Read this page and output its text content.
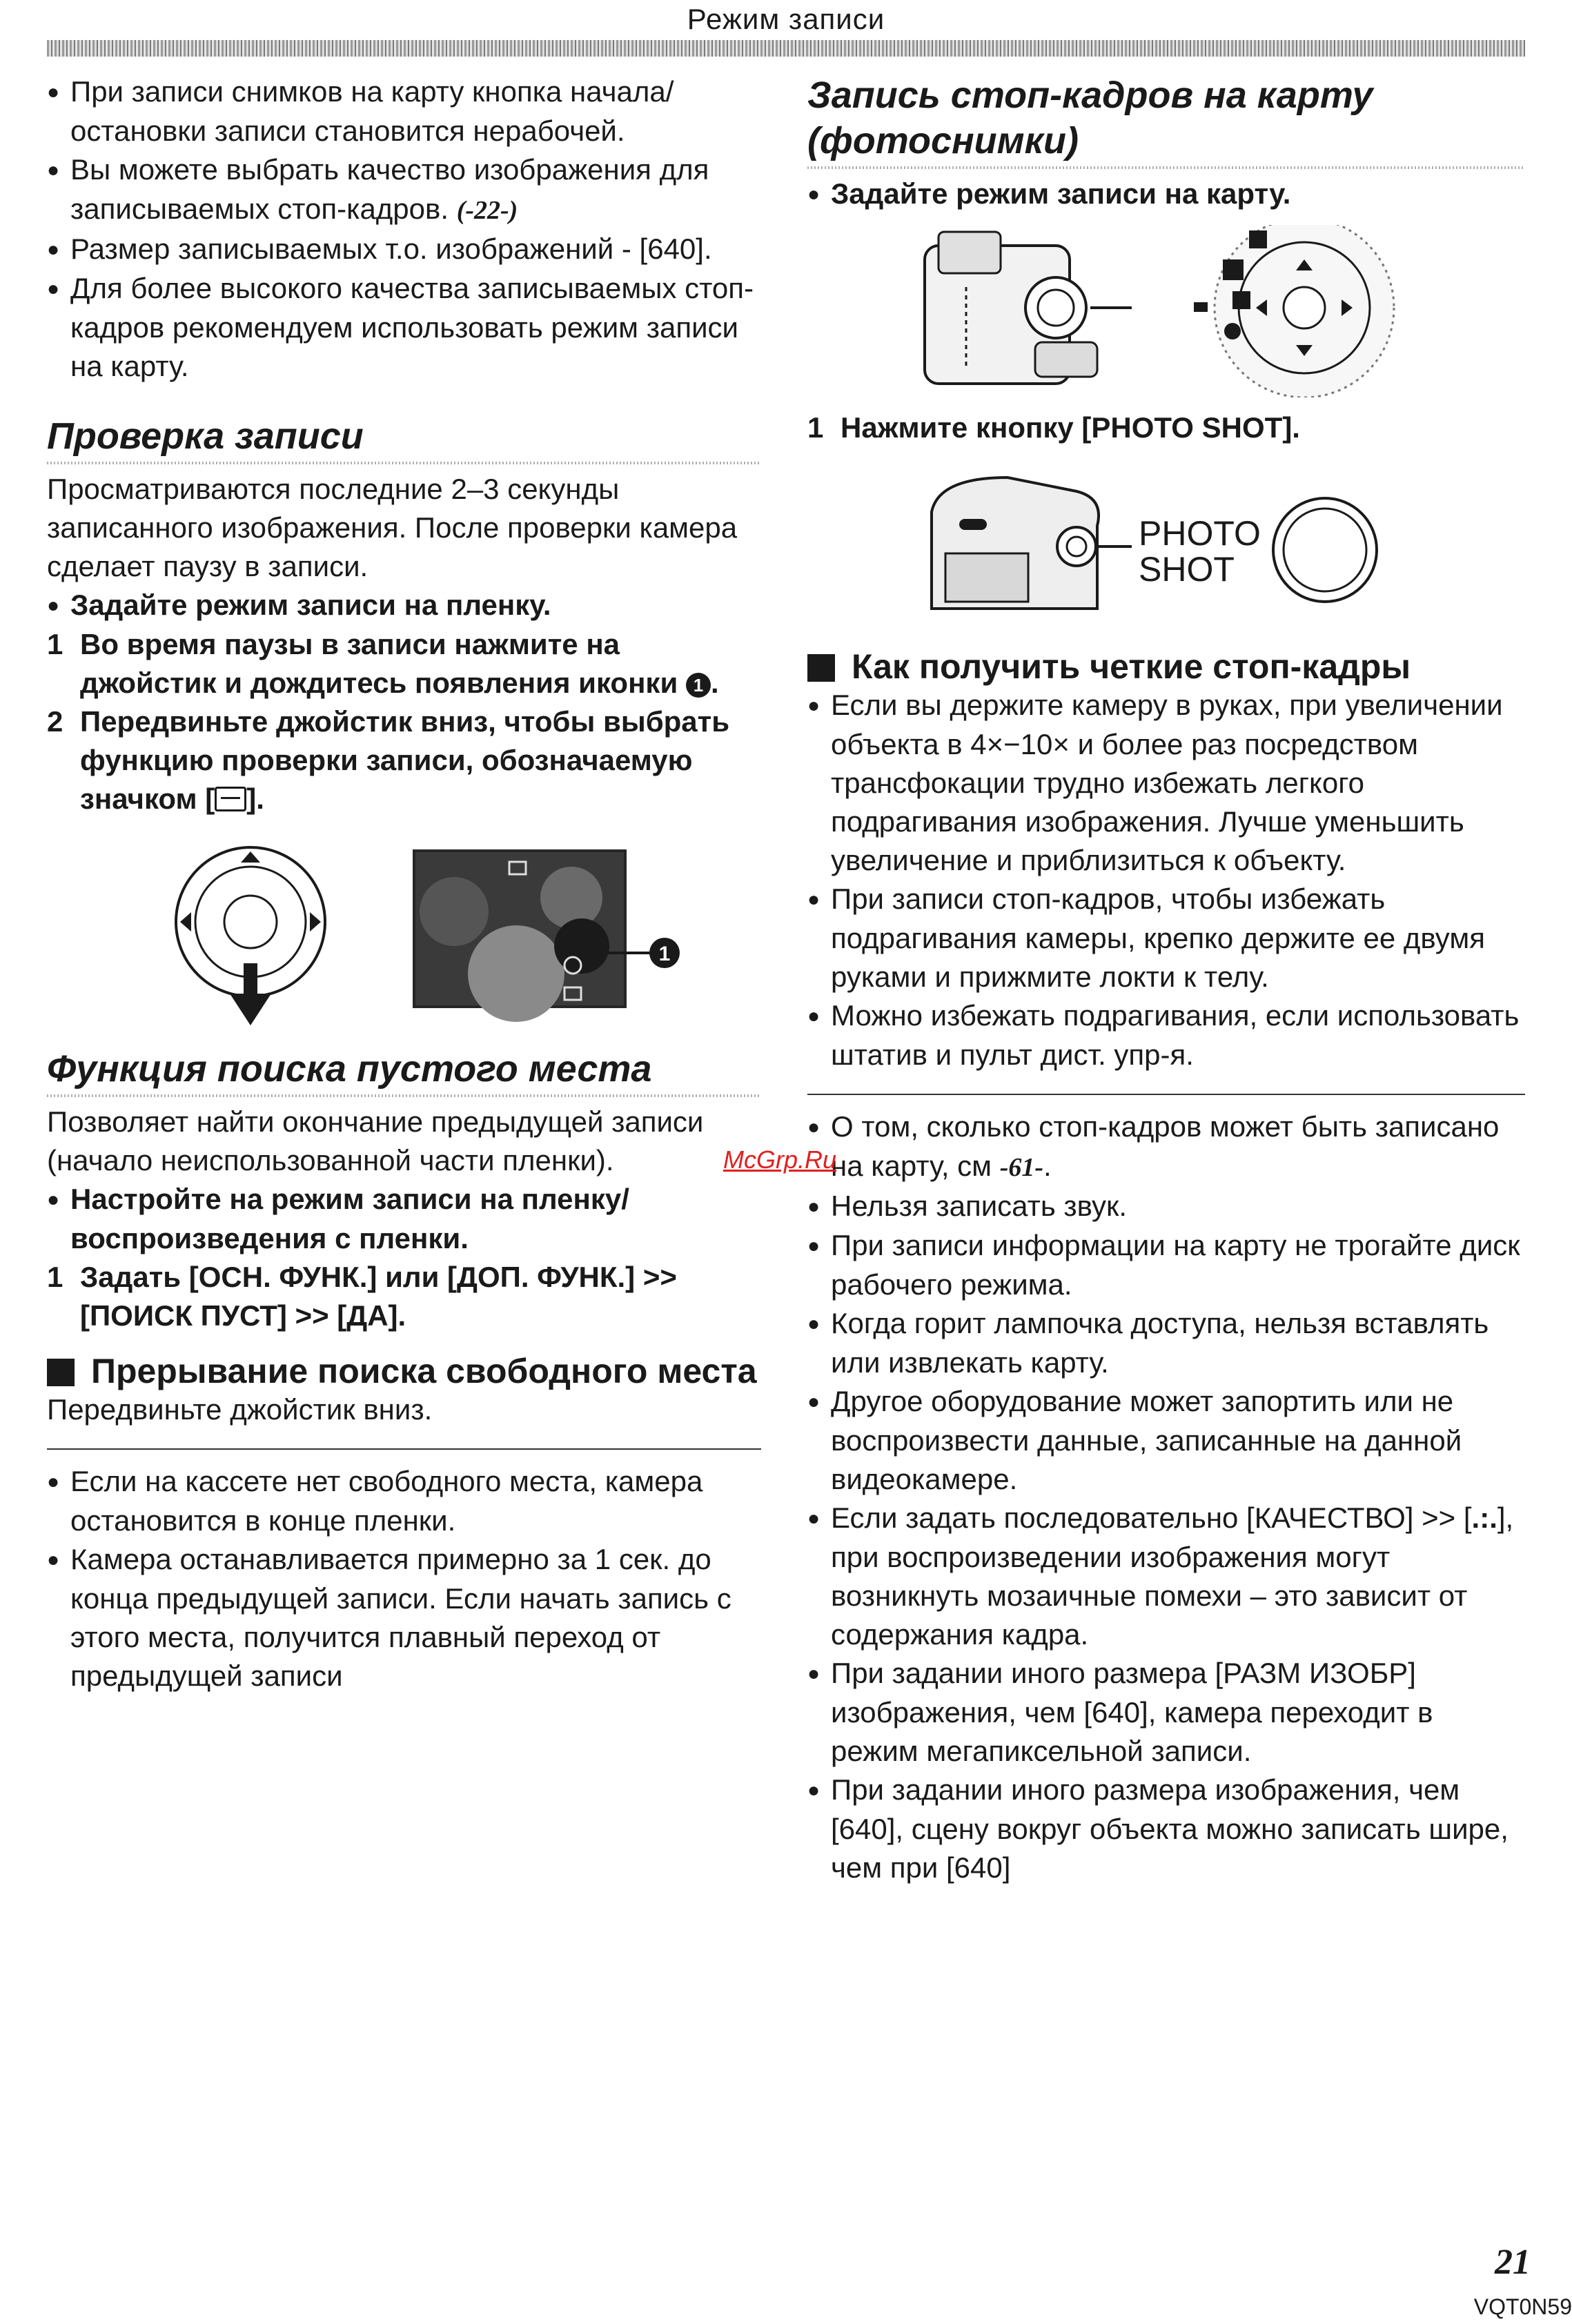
Режим записи

● При записи снимков на карту кнопка начала/остановки записи становится нерабочей.

● Вы можете выбрать качество изображения для записываемых стоп-кадров. (-22-)

● Размер записываемых т.о. изображений - [640].

● Для более высокого качества записываемых стоп-кадров рекомендуем использовать режим записи на карту.

Проверка записи

Просматриваются последние 2–3 секунды записанного изображения. После проверки камера сделает паузу в записи.

● Задайте режим записи на пленку.

1 Во время паузы в записи нажмите на джойстик и дождитесь появления иконки 1 .
2 Передвиньте джойстик вниз, чтобы выбрать функцию проверки записи, обозначаемую значком [ ].
1
Функция поиска пустого места

Позволяет найти окончание предыдущей записи (начало неиспользованной части пленки).

● Настройте на режим записи на пленку/ воспроизведения с пленки.

1 Задать [ОСН. ФУНК.] или [ДОП. ФУНК.] >> [ПОИСК ПУСТ] >> [ДА].
Прерывание поиска свободного места

Передвиньте джойстик вниз.

● Если на кассете нет свободного места, камера остановится в конце пленки.

● Камера останавливается примерно за 1 сек. до конца предыдущей записи. Если начать запись с этого места, получится плавный переход от предыдущей записи

Запись стоп-кадров на карту (фотоснимки)

● Задайте режим записи на карту.

1 Нажмите кнопку [PHOTO SHOT].
PHOTO
SHOT
Как получить четкие стоп-кадры

● Если вы держите камеру в руках, при увеличении объекта в 4×−10× и более раз посредством трансфокации трудно избежать легкого подрагивания изображения. Лучше уменьшить увеличение и приблизиться к объекту.

● При записи стоп-кадров, чтобы избежать подрагивания камеры, крепко держите ее двумя руками и прижмите локти к телу.

● Можно избежать подрагивания, если использовать штатив и пульт дист. упр-я.

● О том, сколько стоп-кадров может быть записано на карту, см -61-.

● Нельзя записать звук.

● При записи информации на карту не трогайте диск рабочего режима.

● Когда горит лампочка доступа, нельзя вставлять или извлекать карту.

● Другое оборудование может запортить или не воспроизвести данные, записанные на данной видеокамере.

● Если задать последовательно [КАЧЕСТВО] >> [.:.], при воспроизведении изображения могут возникнуть мозаичные помехи – это зависит от содержания кадра.

● При задании иного размера [РАЗМ ИЗОБР] изображения, чем [640], камера переходит в режим мегапиксельной записи.

● При задании иного размера изображения, чем [640], сцену вокруг объекта можно записать шире, чем при [640]

McGrp.Ru
21
VQT0N59
